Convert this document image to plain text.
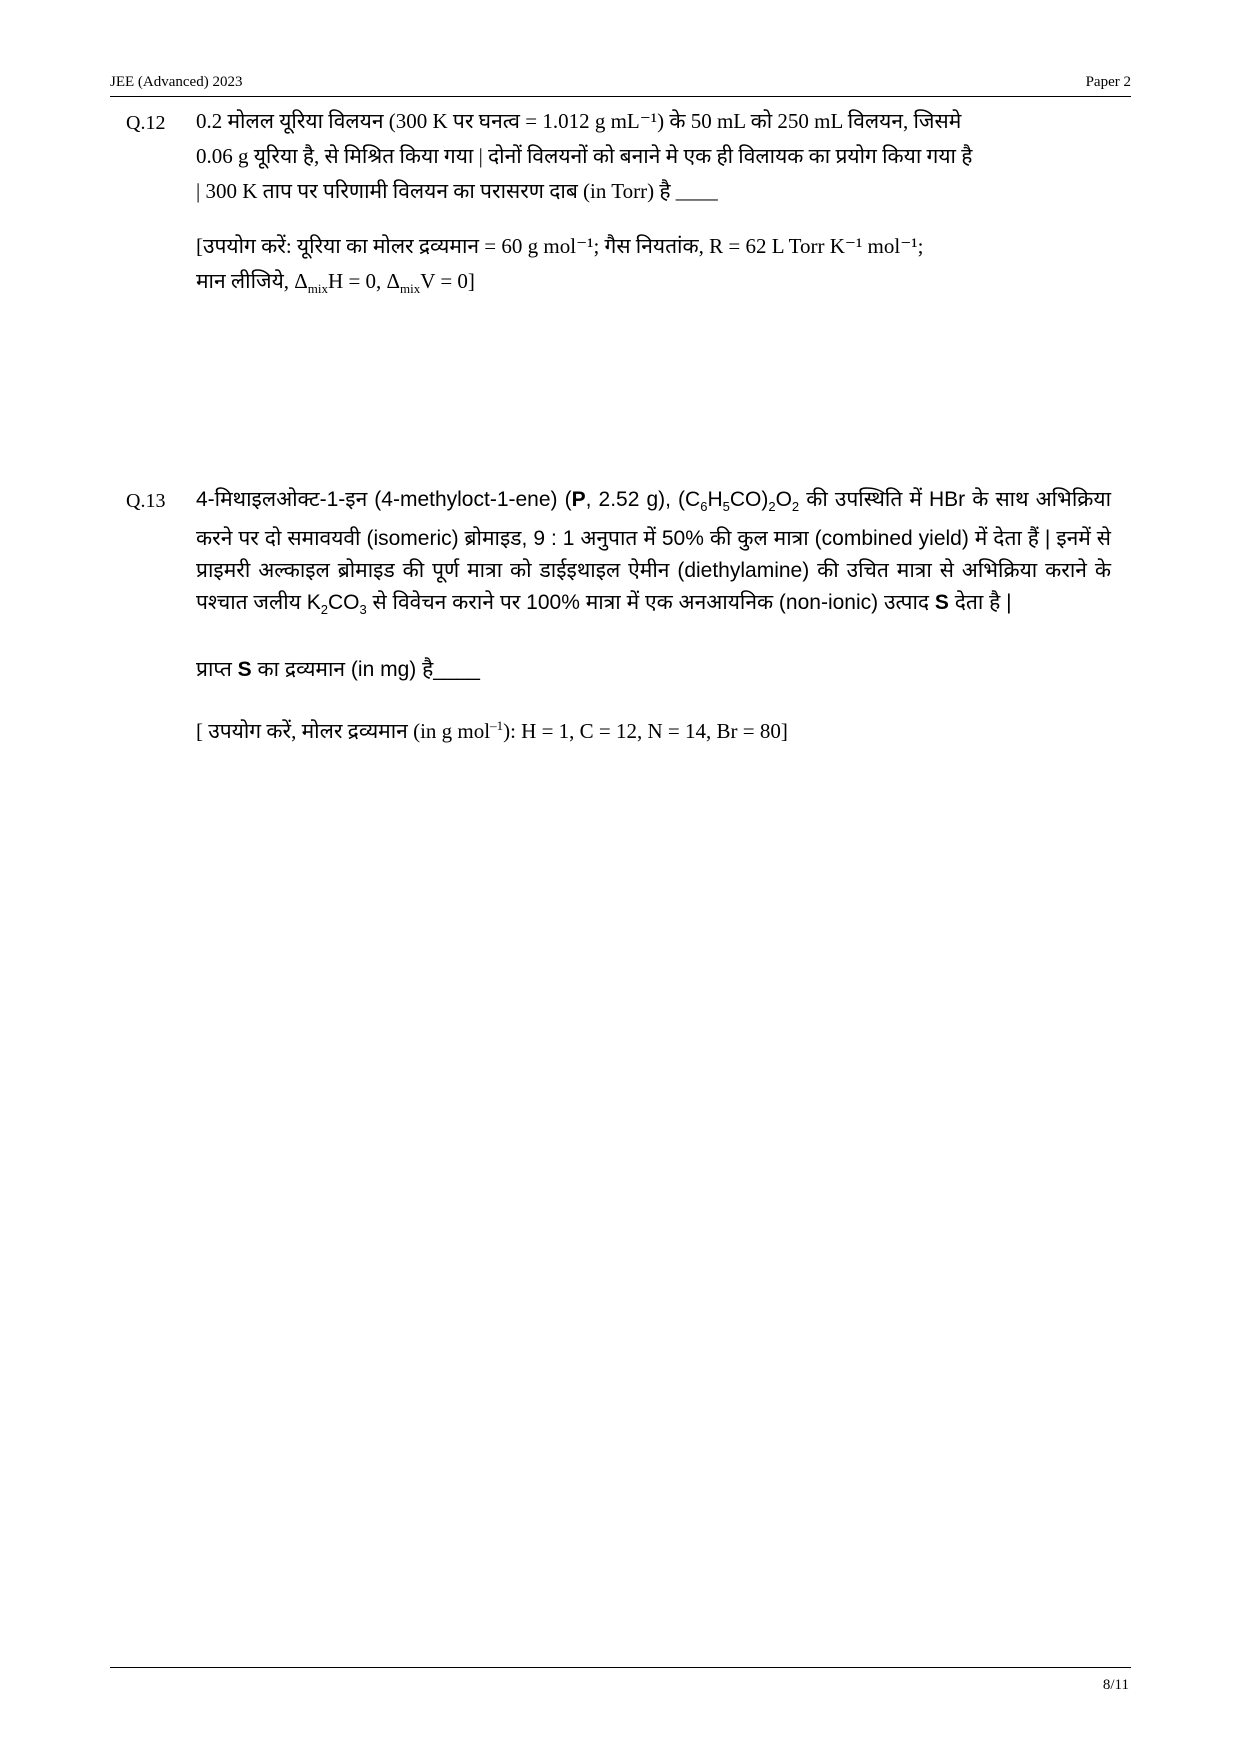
JEE (Advanced) 2023	Paper 2
Q.12 0.2 मोलल यूरिया विलयन (300 K पर घनत्व = 1.012 g mL⁻¹) के 50 mL को 250 mL विलयन, जिसमे
0.06 g यूरिया है, से मिश्रित किया गया | दोनों विलयनों को बनाने मे एक ही विलायक का प्रयोग किया गया है
| 300 K ताप पर परिणामी विलयन का परासरण दाब (in Torr) है ____
[उपयोग करें: यूरिया का मोलर द्रव्यमान = 60 g mol⁻¹; गैस नियतांक, R = 62 L Torr K⁻¹ mol⁻¹;
मान लीजिये, $\Delta_{mix}H = 0$, $\Delta_{mix}V = 0$]
Q.13 4-मिथाइलओक्ट-1-इन (4-methyloct-1-ene) (P, 2.52 g), $(C_6H_5CO)_2O_2$ की उपस्थिति में HBr के साथ अभिक्रिया करने पर दो समावयवी (isomeric) ब्रोमाइड, 9 : 1 अनुपात में 50% की कुल मात्रा (combined yield) में देता हैं | इनमें से प्राइमरी अल्काइल ब्रोमाइड की पूर्ण मात्रा को डाईइथाइल ऐमीन (diethylamine) की उचित मात्रा से अभिक्रिया कराने के पश्चात जलीय $K_2CO_3$ से विवेचन कराने पर 100% मात्रा में एक अनआयनिक (non-ionic) उत्पाद S देता है |
प्राप्त S का द्रव्यमान (in mg) है____
[ उपयोग करें, मोलर द्रव्यमान (in g mol$^{-1}$): H = 1, C = 12, N = 14, Br = 80]
8/11
